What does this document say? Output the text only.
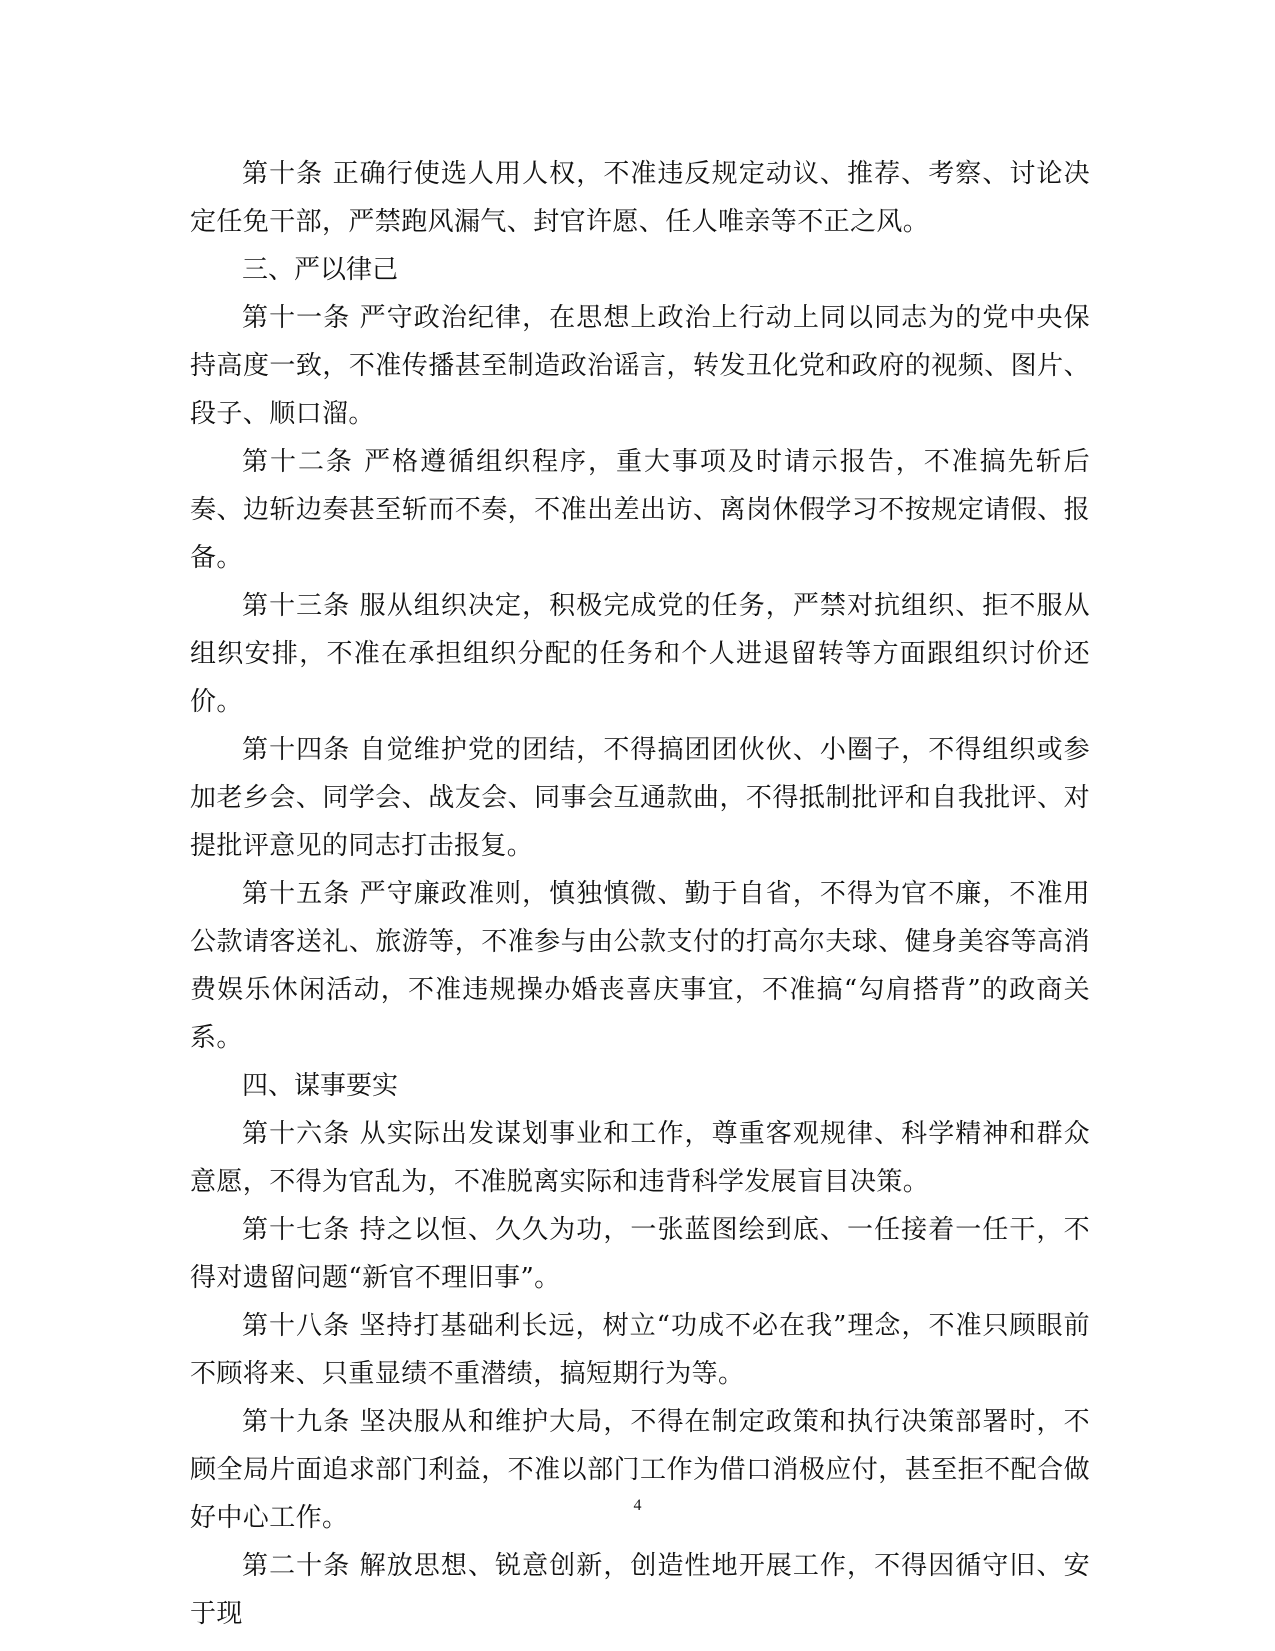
第十条 正确行使选人用人权，不准违反规定动议、推荐、考察、讨论决定任免干部，严禁跑风漏气、封官许愿、任人唯亲等不正之风。

三、严以律己

第十一条 严守政治纪律，在思想上政治上行动上同以同志为的党中央保持高度一致，不准传播甚至制造政治谣言，转发丑化党和政府的视频、图片、段子、顺口溜。

第十二条 严格遵循组织程序，重大事项及时请示报告，不准搞先斩后奏、边斩边奏甚至斩而不奏，不准出差出访、离岗休假学习不按规定请假、报备。

第十三条 服从组织决定，积极完成党的任务，严禁对抗组织、拒不服从组织安排，不准在承担组织分配的任务和个人进退留转等方面跟组织讨价还价。

第十四条 自觉维护党的团结，不得搞团团伙伙、小圈子，不得组织或参加老乡会、同学会、战友会、同事会互通款曲，不得抵制批评和自我批评、对提批评意见的同志打击报复。

第十五条 严守廉政准则，慎独慎微、勤于自省，不得为官不廉，不准用公款请客送礼、旅游等，不准参与由公款支付的打高尔夫球、健身美容等高消费娱乐休闲活动，不准违规操办婚丧喜庆事宜，不准搞“勾肩搭背”的政商关系。

四、谋事要实

第十六条 从实际出发谋划事业和工作，尊重客观规律、科学精神和群众意愿，不得为官乱为，不准脱离实际和违背科学发展盲目决策。

第十七条 持之以恒、久久为功，一张蓝图绘到底、一任接着一任干，不得对遗留问题“新官不理旧事”。

第十八条 坚持打基础利长远，树立“功成不必在我”理念，不准只顾眼前不顾将来、只重显绩不重潜绩，搞短期行为等。

第十九条 坚决服从和维护大局，不得在制定政策和执行决策部署时，不顾全局片面追求部门利益，不准以部门工作为借口消极应付，甚至拒不配合做好中心工作。

第二十条 解放思想、锐意创新，创造性地开展工作，不得因循守旧、安于现

4
